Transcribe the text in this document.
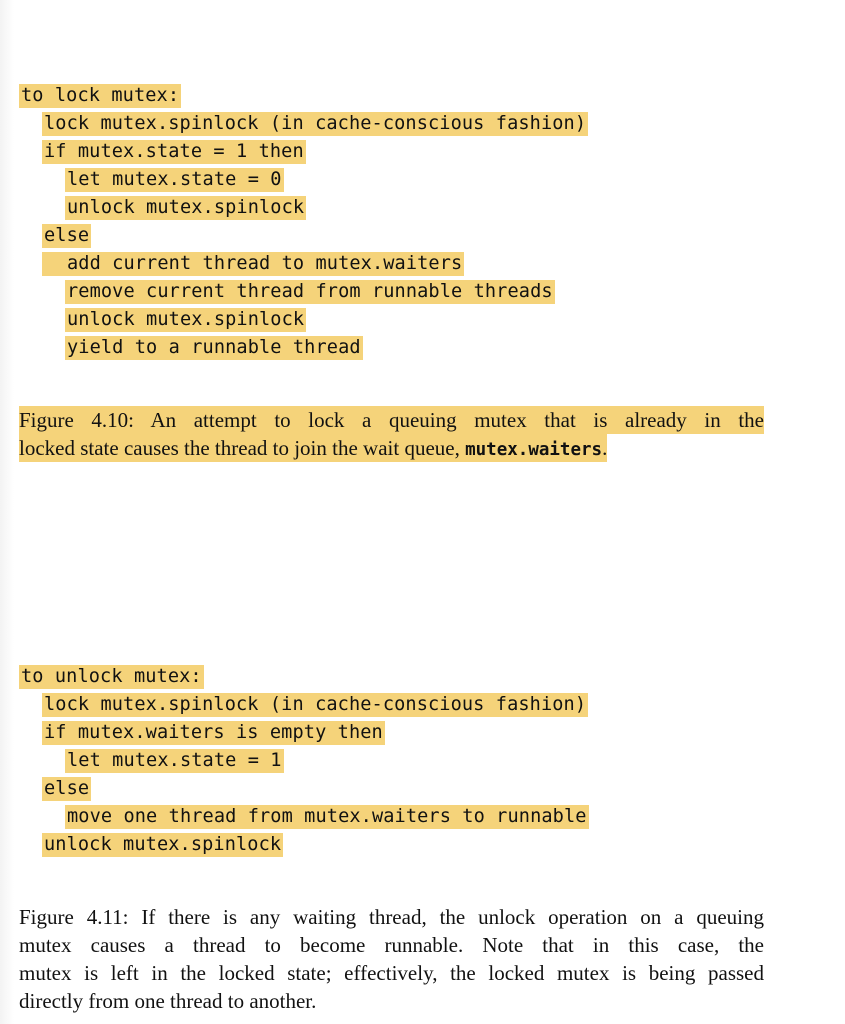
to lock mutex:
lock mutex.spinlock (in cache-conscious fashion)
if mutex.state = 1 then
let mutex.state = 0
unlock mutex.spinlock
else
add current thread to mutex.waiters
remove current thread from runnable threads
unlock mutex.spinlock
yield to a runnable thread
Figure 4.10: An attempt to lock a queuing mutex that is already in the
locked state causes the thread to join the wait queue, mutex.waiters.
to unlock mutex:
lock mutex.spinlock (in cache-conscious fashion)
if mutex.waiters is empty then
let mutex.state = 1
else
move one thread from mutex.waiters to runnable
unlock mutex.spinlock
Figure 4.11: If there is any waiting thread, the unlock operation on a queuing
mutex causes a thread to become runnable. Note that in this case, the
mutex is left in the locked state; effectively, the locked mutex is being passed
directly from one thread to another.
